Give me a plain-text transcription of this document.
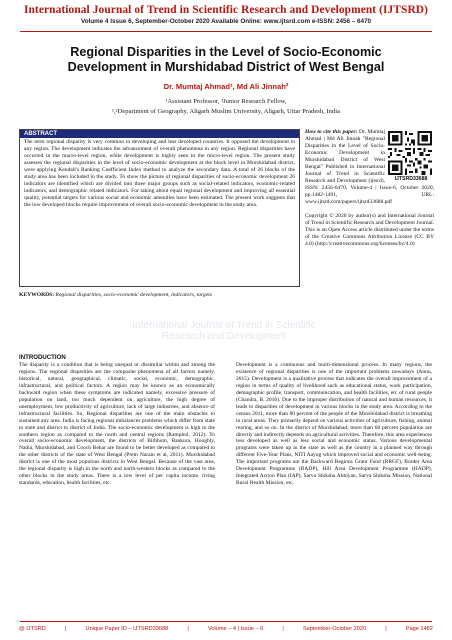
International Journal of Trend in Scientific Research and Development (IJTSRD)
Volume 4 Issue 6, September-October 2020 Available Online: www.ijtsrd.com e-ISSN: 2456 – 6470
Regional Disparities in the Level of Socio-Economic Development in Murshidabad District of West Bengal
Dr. Mumtaj Ahmad¹, Md Ali Jinnah²
¹Assistant Professor, ²Junior Research Fellow,
¹,²Department of Geography, Aligarh Muslim University, Aligarh, Uttar Pradesh, India
ABSTRACT
The term regional disparity is very common in developing and less developed countries. It opposed the development in any region. The development indicates the advancement of overall phenomena in any region. Regional disparities have occurred in the macro-level region, while development is highly seen in the micro-level region. The present study assesses the regional disparities in the level of socio-economic development at the block level in Murshidabad district, were applying Kendall's Ranking Coefficient Index method to analyze the secondary data. A total of 26 blocks of the study area has been included in the study. To show the picture of regional disparities of socio-economic development 26 indicators are identified which are divided into three major groups such as social-related indicators, economic-related indicators, and demographic related indicators. For taking about equal regional development and improving all essential quality, potential targets for various social and economic amenities have been estimated. The present work suggests that the low developed blocks require improvement of overall socio-economic development in the study area.
KEYWORDS: Regional disparities, socio-economic development, indicators, targets
IJTSRD33688
How to cite this paper: Dr. Mumtaj Ahmad | Md Ali Jinnah "Regional Disparities in the Level of Socio-Economic Development in Murshidabad District of West Bengal" Published in International Journal of Trend in Scientific Research and Development (ijtsrd), ISSN: 2456-6470, Volume-4 | Issue-6, October 2020, pp.1482-1491, URL: www.ijtsrd.com/papers/ijtsrd33688.pdf
Copyright © 2020 by author(s) and International Journal of Trend in Scientific Research and Development Journal. This is an Open Access article distributed under the terms of the Creative Commons Attribution License (CC BY 4.0) (http://creativecommons.org/licenses/by/4.0)
International Journal of Trend in Scientific Research and Development
INTRODUCTION
The disparity is a condition that is being unequal or dissimilar within and among the regions. The regional disparities are the composite phenomena of all factors namely, historical, natural, geographical, climatic, social, economic, demographic, infrastructural, and political factors. A region may be known as an economically backward region when these symptoms are indicated namely, excessive pressure of population on land, too much dependent on agriculture, the high degree of unemployment, low productivity of agriculture, lack of large industries, and absence of infrastructural facilities. So, Regional disparities are one of the main obstacles to sustained any area. India is facing regional imbalances problems which differ from state to state and district to district of India. The socio-economic development is high in the southern region as compared to the north and central regions (Ramphul, 2012). To overall socio-economic development, the districts of Birbhum, Bankura, Hooghly, Nadia, Murshidabad, and Cooch Behar are found to be better developed as compared to the other districts of the state of West Bengal (Prem Narain et al, 2011). Murshidabad district is one of the most populous districts in West Bengal. Because of the vast area, the regional disparity is high in the north and north-western blocks as compared to the other blocks in the study areas. There is a low level of per capita income, living standards, education, health facilities, etc.
Development is a continuous and multi-dimensional process. In many regions, the existence of regional disparities is one of the important problems nowadays (Annu, 2015). Development is a qualitative process that indicates the overall improvement of a region in terms of quality of livelihood such as educational status, work participation, demographic profile, transport, communication, and health facilities, etc of rural people (Chandra, B. 2016). Due to the improper distribution of natural and human resources, it leads to disparities of development in various blocks in the study area. According to the census 2011, more than 80 percent of the people of the Murshidabad district is breathing in rural areas. They primarily depend on various activities of agriculture, fishing, animal rearing, and so on. In the district of Murshidabad, more than 60 percent population are directly and indirectly depends on agricultural activities. Therefore, this area experiences less developed as well as less social and economic status. Various developmental programs were taken up in the state as well as the country in a planned way through different Five-Year Plans, NITI Aayog which improved social and economic well-being. The important programs are the Backward Regions Grant Fund (BRGF), Border Area Development Programme (BADP), Hill Area Development Programme (HADP), Integrated Action Plan (IAP), Sarva Shiksha Abhiyan, Sarva Shiksha Mission, National Rural Health Mission, etc.
@ IJTSRD	|	Unique Paper ID – IJTSRD33688	|	Volume – 4 | Issue – 6	|	September-October 2020	|	Page 1482
